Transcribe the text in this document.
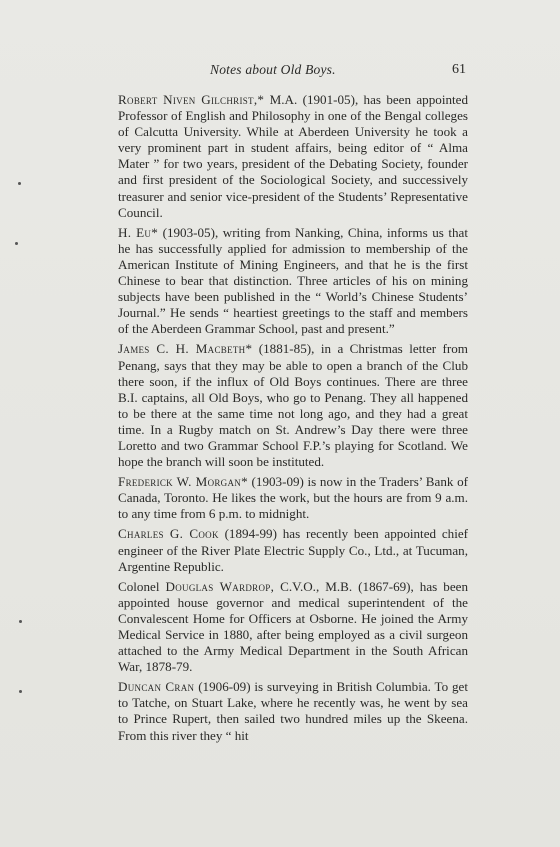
Notes about Old Boys.	61

Robert Niven Gilchrist,* M.A. (1901-05), has been appointed Professor of English and Philosophy in one of the Bengal colleges of Calcutta University. While at Aberdeen University he took a very prominent part in student affairs, being editor of “ Alma Mater ” for two years, president of the Debating Society, founder and first president of the Sociological Society, and successively treasurer and senior vice-president of the Students’ Representative Council.

H. Eu* (1903-05), writing from Nanking, China, informs us that he has successfully applied for admission to membership of the American Institute of Mining Engineers, and that he is the first Chinese to bear that distinction. Three articles of his on mining subjects have been published in the “ World’s Chinese Students’ Journal.” He sends “ heartiest greetings to the staff and members of the Aberdeen Grammar School, past and present.”

James C. H. Macbeth* (1881-85), in a Christmas letter from Penang, says that they may be able to open a branch of the Club there soon, if the influx of Old Boys continues. There are three B.I. captains, all Old Boys, who go to Penang. They all happened to be there at the same time not long ago, and they had a great time. In a Rugby match on St. Andrew’s Day there were three Loretto and two Grammar School F.P.’s playing for Scotland. We hope the branch will soon be instituted.

Frederick W. Morgan* (1903-09) is now in the Traders’ Bank of Canada, Toronto. He likes the work, but the hours are from 9 a.m. to any time from 6 p.m. to midnight.

Charles G. Cook (1894-99) has recently been appointed chief engineer of the River Plate Electric Supply Co., Ltd., at Tucuman, Argentine Republic.

Colonel Douglas Wardrop, C.V.O., M.B. (1867-69), has been appointed house governor and medical superintendent of the Convalescent Home for Officers at Osborne. He joined the Army Medical Service in 1880, after being employed as a civil surgeon attached to the Army Medical Department in the South African War, 1878-79.

Duncan Cran (1906-09) is surveying in British Columbia. To get to Tatche, on Stuart Lake, where he recently was, he went by sea to Prince Rupert, then sailed two hundred miles up the Skeena. From this river they “ hit
